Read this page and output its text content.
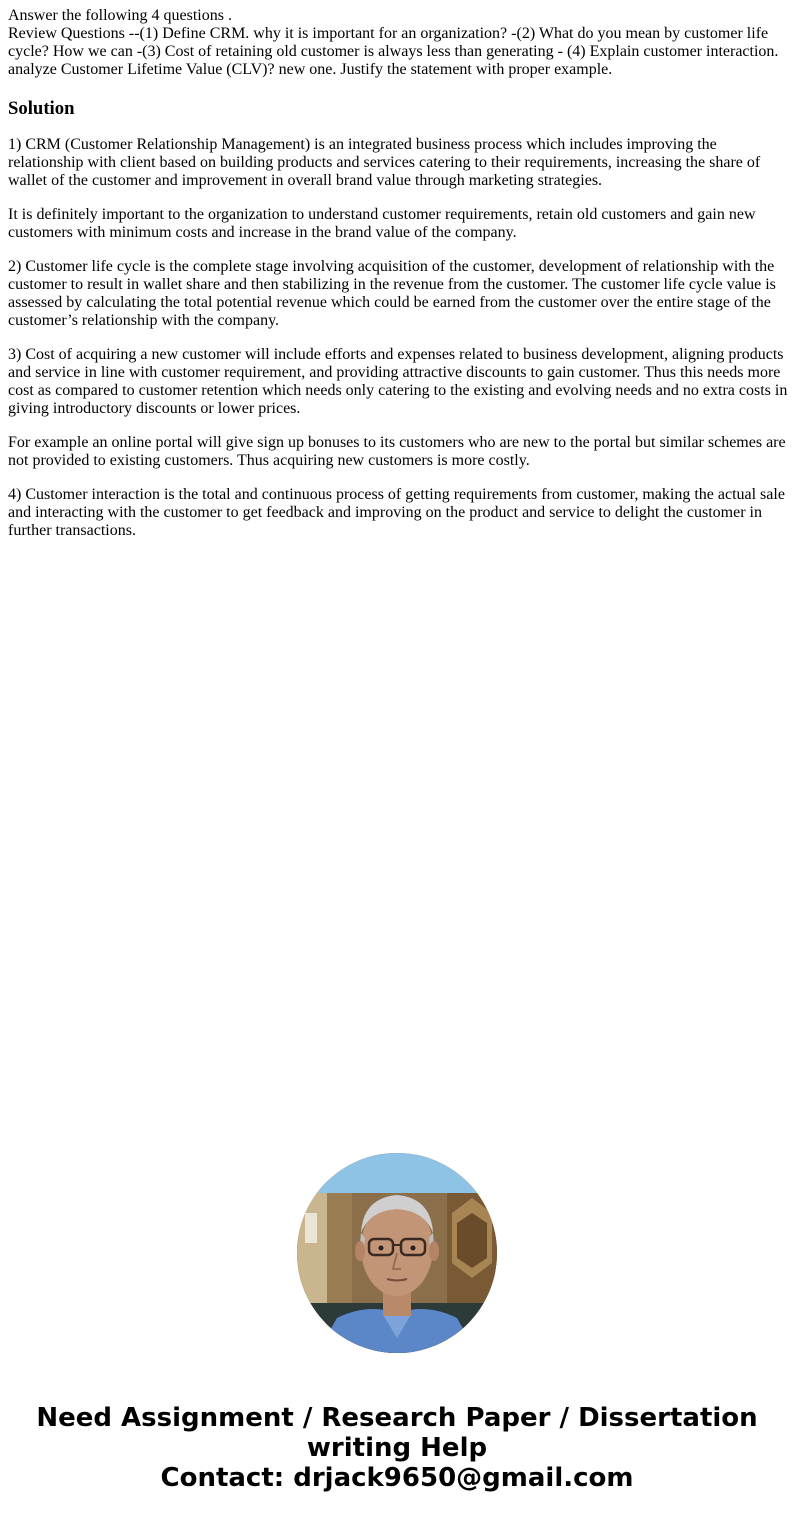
Answer the following 4 questions .

Review Questions --(1) Define CRM. why it is important for an organization? -(2) What do you mean by customer life cycle? How we can -(3) Cost of retaining old customer is always less than generating - (4) Explain customer interaction. analyze Customer Lifetime Value (CLV)? new one. Justify the statement with proper example.

Solution

1) CRM (Customer Relationship Management) is an integrated business process which includes improving the relationship with client based on building products and services catering to their requirements, increasing the share of wallet of the customer and improvement in overall brand value through marketing strategies.

It is definitely important to the organization to understand customer requirements, retain old customers and gain new customers with minimum costs and increase in the brand value of the company.

2) Customer life cycle is the complete stage involving acquisition of the customer, development of relationship with the customer to result in wallet share and then stabilizing in the revenue from the customer. The customer life cycle value is assessed by calculating the total potential revenue which could be earned from the customer over the entire stage of the customer’s relationship with the company.

3) Cost of acquiring a new customer will include efforts and expenses related to business development, aligning products and service in line with customer requirement, and providing attractive discounts to gain customer. Thus this needs more cost as compared to customer retention which needs only catering to the existing and evolving needs and no extra costs in giving introductory discounts or lower prices.

For example an online portal will give sign up bonuses to its customers who are new to the portal but similar schemes are not provided to existing customers. Thus acquiring new customers is more costly.

4) Customer interaction is the total and continuous process of getting requirements from customer, making the actual sale and interacting with the customer to get feedback and improving on the product and service to delight the customer in further transactions.

Need Assignment / Research Paper / Dissertation
writing Help
Contact: drjack9650@gmail.com
